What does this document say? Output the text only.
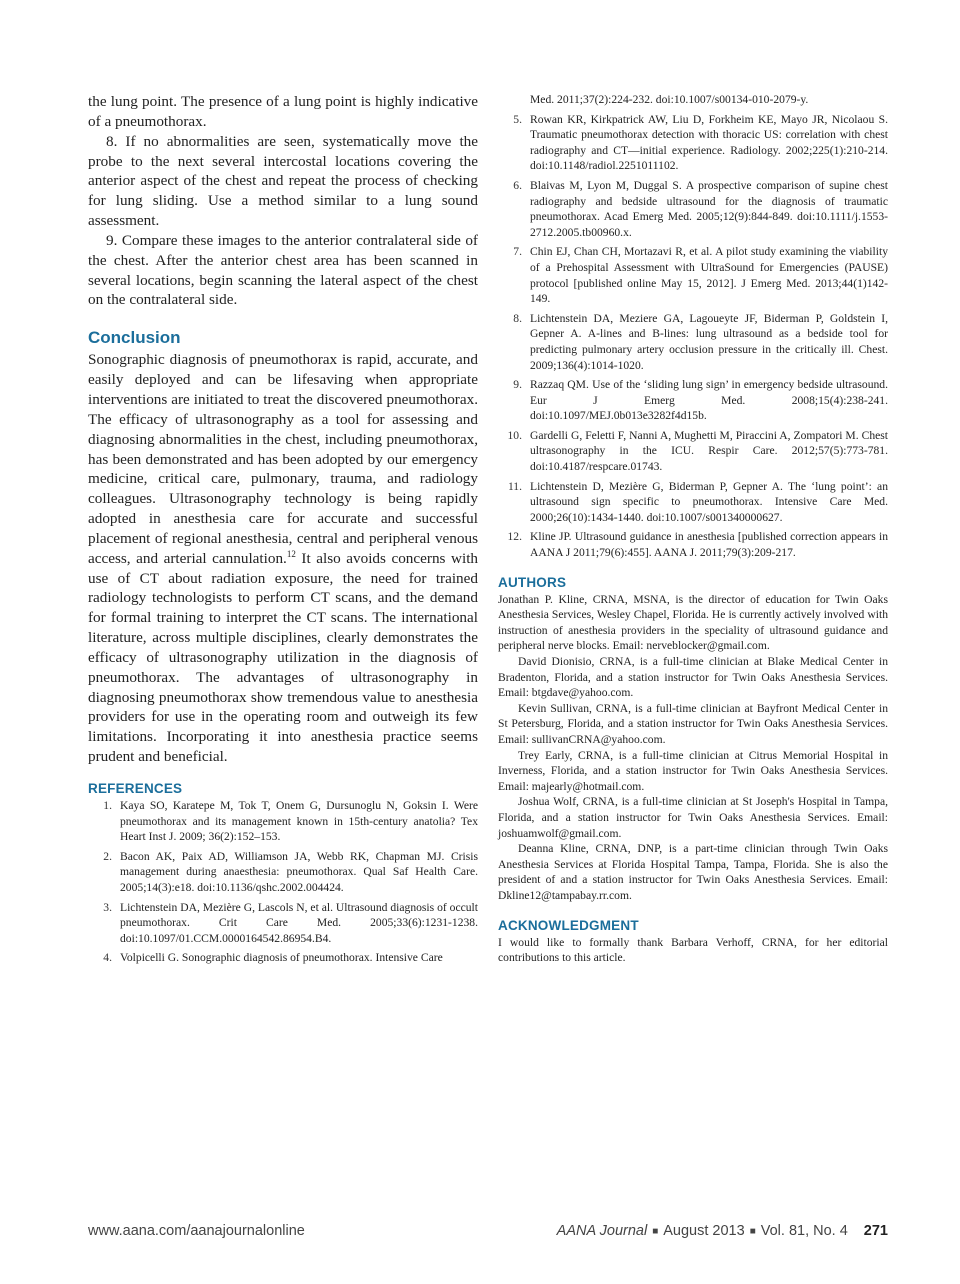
the lung point. The presence of a lung point is highly indicative of a pneumothorax.

8. If no abnormalities are seen, systematically move the probe to the next several intercostal locations covering the anterior aspect of the chest and repeat the process of checking for lung sliding. Use a method similar to a lung sound assessment.

9. Compare these images to the anterior contralateral side of the chest. After the anterior chest area has been scanned in several locations, begin scanning the lateral aspect of the chest on the contralateral side.

Conclusion

Sonographic diagnosis of pneumothorax is rapid, accurate, and easily deployed and can be lifesaving when appropriate interventions are initiated to treat the discovered pneumothorax. The efficacy of ultrasonography as a tool for assessing and diagnosing abnormalities in the chest, including pneumothorax, has been demonstrated and has been adopted by our emergency medicine, critical care, pulmonary, trauma, and radiology colleagues. Ultrasonography technology is being rapidly adopted in anesthesia care for accurate and successful placement of regional anesthesia, central and peripheral venous access, and arterial cannulation.$^{12}$ It also avoids concerns with use of CT about radiation exposure, the need for trained radiology technologists to perform CT scans, and the demand for formal training to interpret the CT scans. The international literature, across multiple disciplines, clearly demonstrates the efficacy of ultrasonography utilization in the diagnosis of pneumothorax. The advantages of ultrasonography in diagnosing pneumothorax show tremendous value to anesthesia providers for use in the operating room and outweigh its few limitations. Incorporating it into anesthesia practice seems prudent and beneficial.

REFERENCES
1. Kaya SO, Karatepe M, Tok T, Onem G, Dursunoglu N, Goksin I. Were pneumothorax and its management known in 15th-century anatolia? Tex Heart Inst J. 2009; 36(2):152–153.
2. Bacon AK, Paix AD, Williamson JA, Webb RK, Chapman MJ. Crisis management during anaesthesia: pneumothorax. Qual Saf Health Care. 2005;14(3):e18. doi:10.1136/qshc.2002.004424.
3. Lichtenstein DA, Mezière G, Lascols N, et al. Ultrasound diagnosis of occult pneumothorax. Crit Care Med. 2005;33(6):1231-1238. doi:10.1097/01.CCM.0000164542.86954.B4.
4. Volpicelli G. Sonographic diagnosis of pneumothorax. Intensive Care

Med. 2011;37(2):224-232. doi:10.1007/s00134-010-2079-y.

5. Rowan KR, Kirkpatrick AW, Liu D, Forkheim KE, Mayo JR, Nicolaou S. Traumatic pneumothorax detection with thoracic US: correlation with chest radiography and CT—initial experience. Radiology. 2002;225(1):210-214. doi:10.1148/radiol.2251011102.
6. Blaivas M, Lyon M, Duggal S. A prospective comparison of supine chest radiography and bedside ultrasound for the diagnosis of traumatic pneumothorax. Acad Emerg Med. 2005;12(9):844-849. doi:10.1111/j.1553-2712.2005.tb00960.x.
7. Chin EJ, Chan CH, Mortazavi R, et al. A pilot study examining the viability of a Prehospital Assessment with UltraSound for Emergencies (PAUSE) protocol [published online May 15, 2012]. J Emerg Med. 2013;44(1)142-149.
8. Lichtenstein DA, Meziere GA, Lagoueyte JF, Biderman P, Goldstein I, Gepner A. A-lines and B-lines: lung ultrasound as a bedside tool for predicting pulmonary artery occlusion pressure in the critically ill. Chest. 2009;136(4):1014-1020.
9. Razzaq QM. Use of the ‘sliding lung sign’ in emergency bedside ultrasound. Eur J Emerg Med. 2008;15(4):238-241. doi:10.1097/MEJ.0b013e3282f4d15b.
10. Gardelli G, Feletti F, Nanni A, Mughetti M, Piraccini A, Zompatori M. Chest ultrasonography in the ICU. Respir Care. 2012;57(5):773-781. doi:10.4187/respcare.01743.
11. Lichtenstein D, Mezière G, Biderman P, Gepner A. The ‘lung point’: an ultrasound sign specific to pneumothorax. Intensive Care Med. 2000;26(10):1434-1440. doi:10.1007/s001340000627.
12. Kline JP. Ultrasound guidance in anesthesia [published correction appears in AANA J 2011;79(6):455]. AANA J. 2011;79(3):209-217.
AUTHORS

Jonathan P. Kline, CRNA, MSNA, is the director of education for Twin Oaks Anesthesia Services, Wesley Chapel, Florida. He is currently actively involved with instruction of anesthesia providers in the speciality of ultrasound guidance and peripheral nerve blocks. Email: nerveblocker@gmail.com.

David Dionisio, CRNA, is a full-time clinician at Blake Medical Center in Bradenton, Florida, and a station instructor for Twin Oaks Anesthesia Services. Email: btgdave@yahoo.com.

Kevin Sullivan, CRNA, is a full-time clinician at Bayfront Medical Center in St Petersburg, Florida, and a station instructor for Twin Oaks Anesthesia Services. Email: sullivanCRNA@yahoo.com.

Trey Early, CRNA, is a full-time clinician at Citrus Memorial Hospital in Inverness, Florida, and a station instructor for Twin Oaks Anesthesia Services. Email: majearly@hotmail.com.

Joshua Wolf, CRNA, is a full-time clinician at St Joseph's Hospital in Tampa, Florida, and a station instructor for Twin Oaks Anesthesia Services. Email: joshuamwolf@gmail.com.

Deanna Kline, CRNA, DNP, is a part-time clinician through Twin Oaks Anesthesia Services at Florida Hospital Tampa, Tampa, Florida. She is also the president of and a station instructor for Twin Oaks Anesthesia Services. Email: Dkline12@tampabay.rr.com.

ACKNOWLEDGMENT

I would like to formally thank Barbara Verhoff, CRNA, for her editorial contributions to this article.

www.aana.com/aanajournalonline	AANA Journal ■ August 2013 ■ Vol. 81, No. 4 271
